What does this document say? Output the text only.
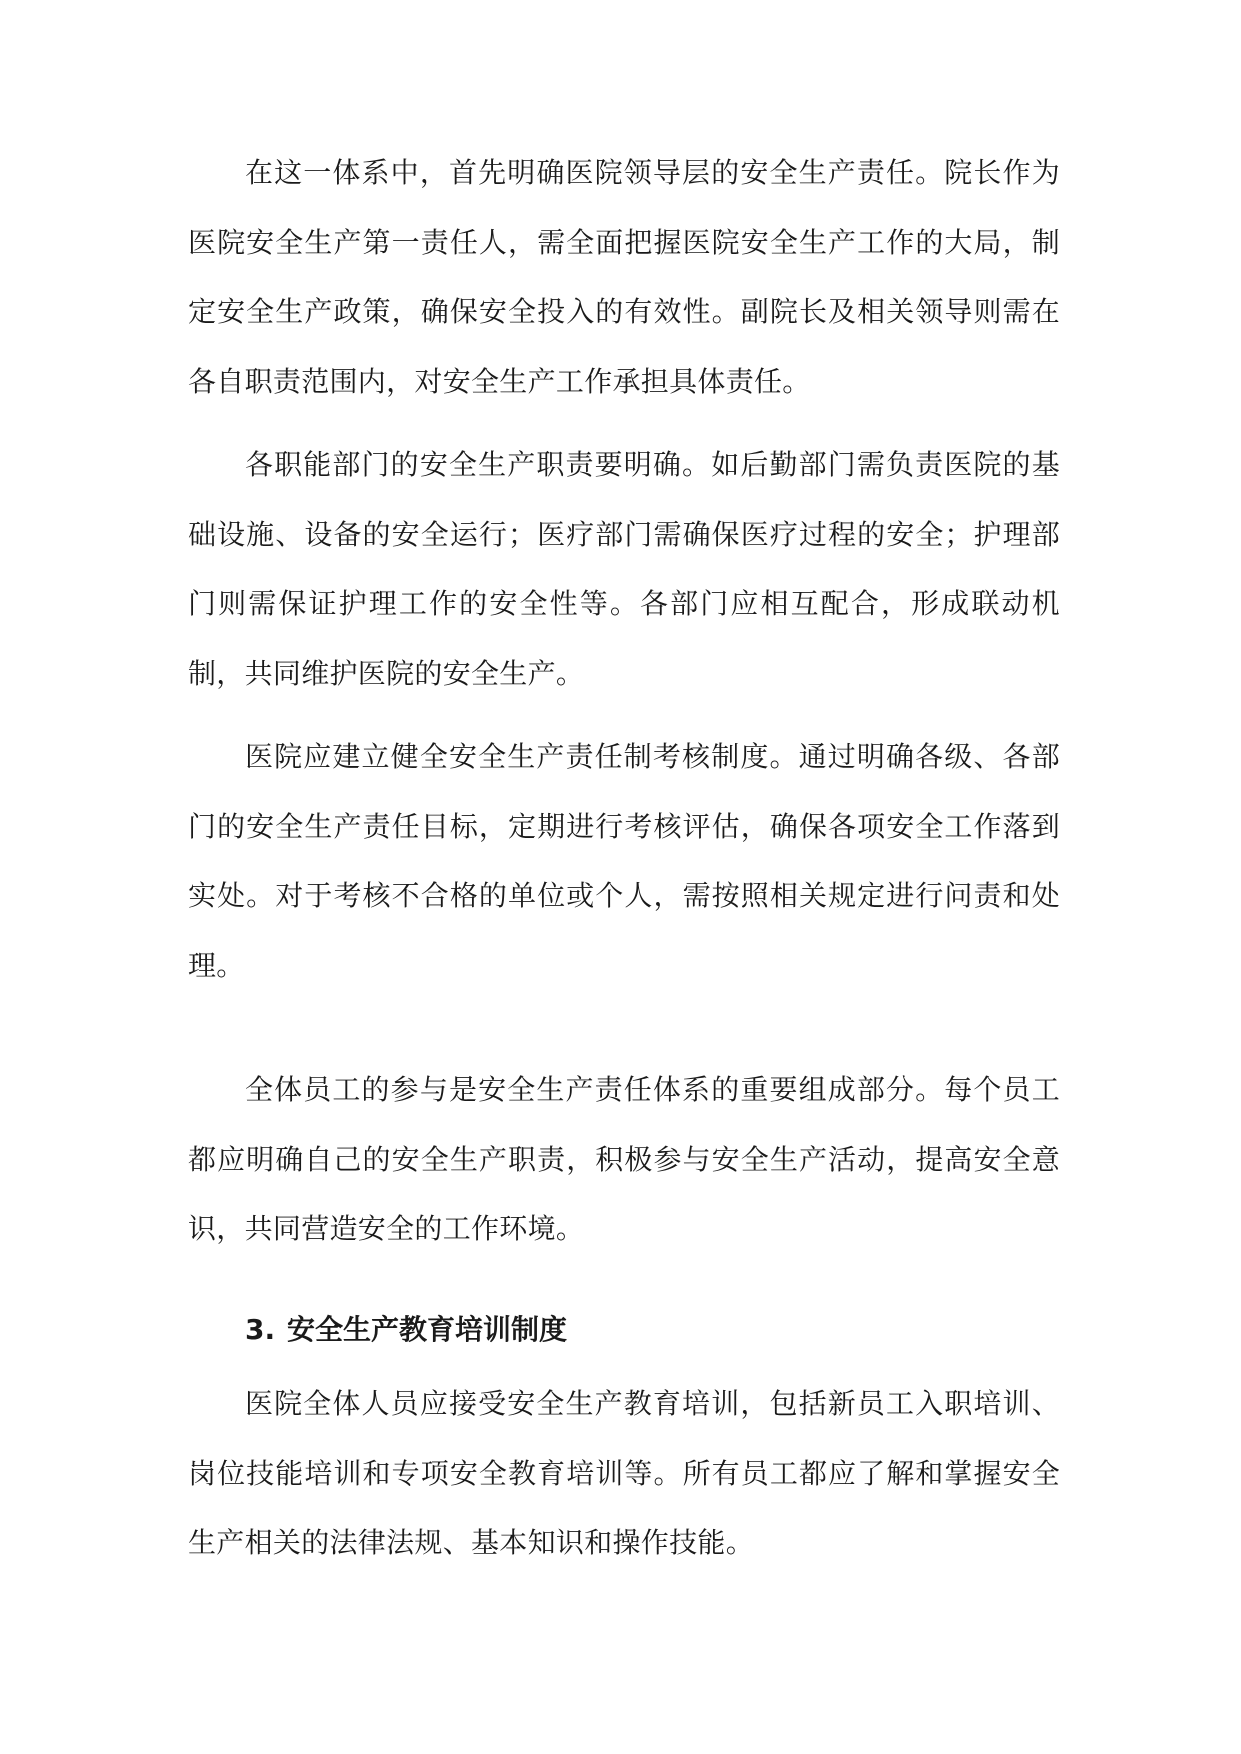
在这一体系中，首先明确医院领导层的安全生产责任。院长作为医院安全生产第一责任人，需全面把握医院安全生产工作的大局，制定安全生产政策，确保安全投入的有效性。副院长及相关领导则需在各自职责范围内，对安全生产工作承担具体责任。

各职能部门的安全生产职责要明确。如后勤部门需负责医院的基础设施、设备的安全运行；医疗部门需确保医疗过程的安全；护理部门则需保证护理工作的安全性等。各部门应相互配合，形成联动机制，共同维护医院的安全生产。

医院应建立健全安全生产责任制考核制度。通过明确各级、各部门的安全生产责任目标，定期进行考核评估，确保各项安全工作落到实处。对于考核不合格的单位或个人，需按照相关规定进行问责和处理。

全体员工的参与是安全生产责任体系的重要组成部分。每个员工都应明确自己的安全生产职责，积极参与安全生产活动，提高安全意识，共同营造安全的工作环境。

3. 安全生产教育培训制度

医院全体人员应接受安全生产教育培训，包括新员工入职培训、岗位技能培训和专项安全教育培训等。所有员工都应了解和掌握安全生产相关的法律法规、基本知识和操作技能。
